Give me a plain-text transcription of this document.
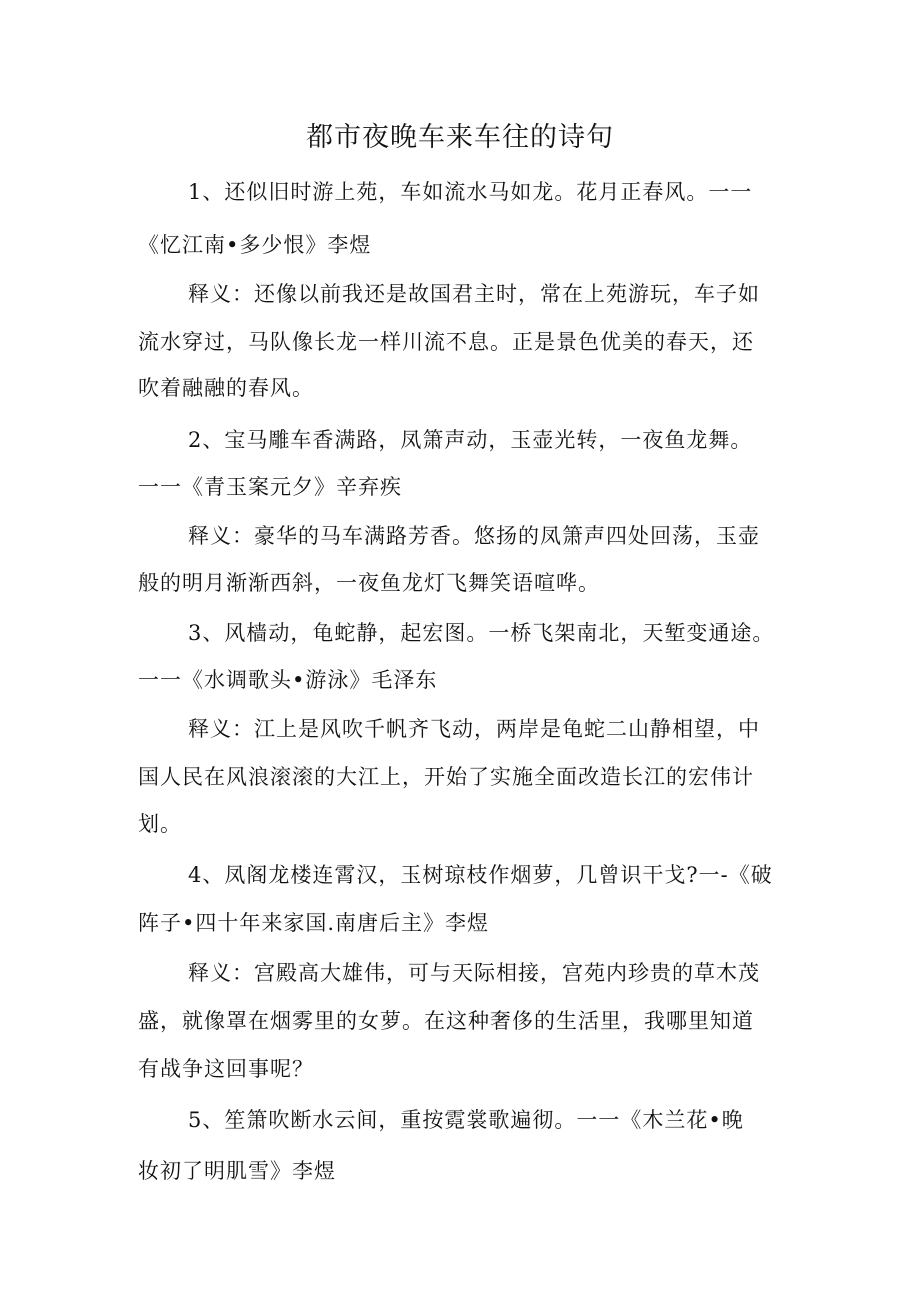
都市夜晚车来车往的诗句
1、还似旧时游上苑，车如流水马如龙。花月正春风。一一
《忆江南•多少恨》李煜
释义：还像以前我还是故国君主时，常在上苑游玩，车子如
流水穿过，马队像长龙一样川流不息。正是景色优美的春天，还
吹着融融的春风。
2、宝马雕车香满路，凤箫声动，玉壶光转，一夜鱼龙舞。
一一《青玉案元夕》辛弃疾
释义：豪华的马车满路芳香。悠扬的凤箫声四处回荡，玉壶
般的明月渐渐西斜，一夜鱼龙灯飞舞笑语喧哗。
3、风樯动，龟蛇静，起宏图。一桥飞架南北，天堑变通途。
一一《水调歌头•游泳》毛泽东
释义：江上是风吹千帆齐飞动，两岸是龟蛇二山静相望，中
国人民在风浪滚滚的大江上，开始了实施全面改造长江的宏伟计
划。
4、凤阁龙楼连霄汉，玉树琼枝作烟萝，几曾识干戈?一-《破
阵子•四十年来家国.南唐后主》李煜
释义：宫殿高大雄伟，可与天际相接，宫苑内珍贵的草木茂
盛，就像罩在烟雾里的女萝。在这种奢侈的生活里，我哪里知道
有战争这回事呢？
5、笙箫吹断水云间，重按霓裳歌遍彻。一一《木兰花•晚
妆初了明肌雪》李煜
